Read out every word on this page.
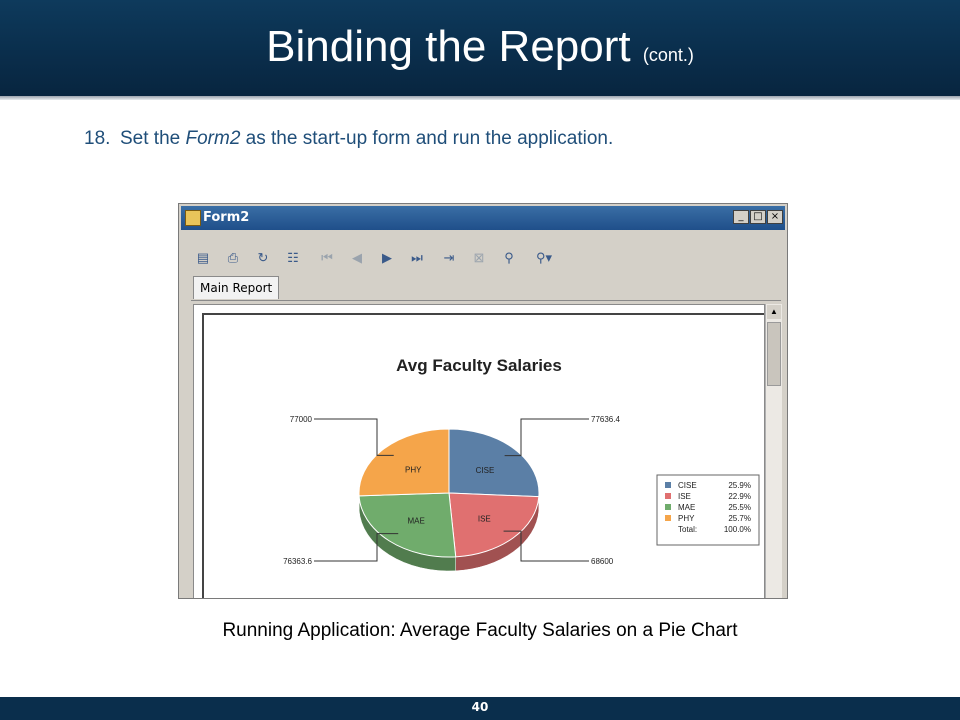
Binding the Report (cont.)
18. Set the Form2 as the start-up form and run the application.
Form2	_ □ ×
▤	⎙	↻	☷	⏮	◀	▶	⏭	⇥	⊠	⚲	⚲▾
Main Report
Avg Faculty Salaries
CISE
ISE
MAE
PHY
77636.4
68600
76363.6
77000
CISE	25.9%
ISE	22.9%
MAE	25.5%
PHY	25.7%
Total:	100.0%
▲
Running Application: Average Faculty Salaries on a Pie Chart
40
